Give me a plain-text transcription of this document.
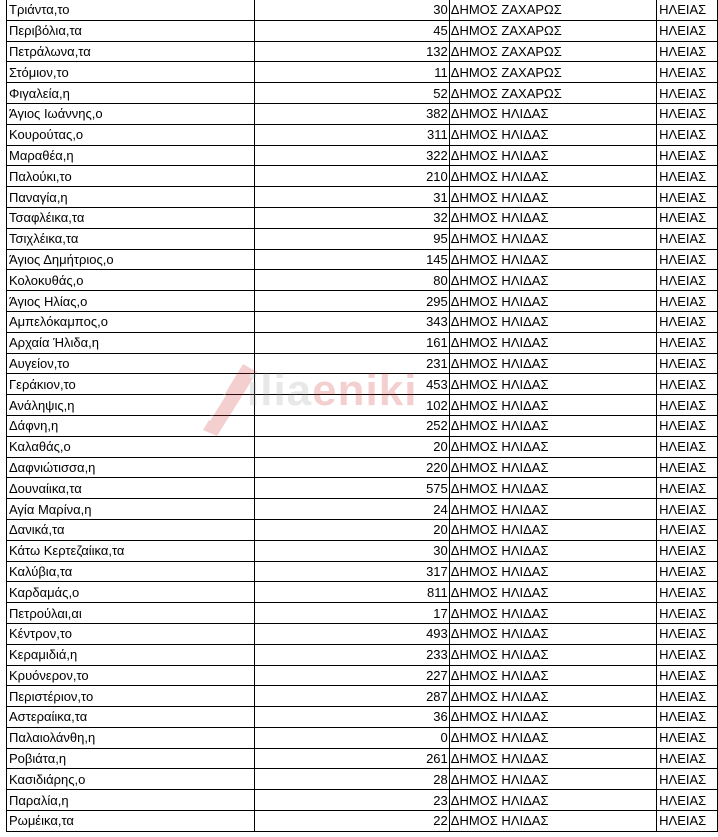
Τριάντα,το	30	ΔΗΜΟΣ ΖΑΧΑΡΩΣ	ΗΛΕΙΑΣ
Περιβόλια,τα	45	ΔΗΜΟΣ ΖΑΧΑΡΩΣ	ΗΛΕΙΑΣ
Πετράλωνα,τα	132	ΔΗΜΟΣ ΖΑΧΑΡΩΣ	ΗΛΕΙΑΣ
Στόμιον,το	11	ΔΗΜΟΣ ΖΑΧΑΡΩΣ	ΗΛΕΙΑΣ
Φιγαλεία,η	52	ΔΗΜΟΣ ΖΑΧΑΡΩΣ	ΗΛΕΙΑΣ
Άγιος Ιωάννης,ο	382	ΔΗΜΟΣ ΗΛΙΔΑΣ	ΗΛΕΙΑΣ
Κουρούτας,ο	311	ΔΗΜΟΣ ΗΛΙΔΑΣ	ΗΛΕΙΑΣ
Μαραθέα,η	322	ΔΗΜΟΣ ΗΛΙΔΑΣ	ΗΛΕΙΑΣ
Παλούκι,το	210	ΔΗΜΟΣ ΗΛΙΔΑΣ	ΗΛΕΙΑΣ
Παναγία,η	31	ΔΗΜΟΣ ΗΛΙΔΑΣ	ΗΛΕΙΑΣ
Τσαφλέικα,τα	32	ΔΗΜΟΣ ΗΛΙΔΑΣ	ΗΛΕΙΑΣ
Τσιχλέικα,τα	95	ΔΗΜΟΣ ΗΛΙΔΑΣ	ΗΛΕΙΑΣ
Άγιος Δημήτριος,ο	145	ΔΗΜΟΣ ΗΛΙΔΑΣ	ΗΛΕΙΑΣ
Κολοκυθάς,ο	80	ΔΗΜΟΣ ΗΛΙΔΑΣ	ΗΛΕΙΑΣ
Άγιος Ηλίας,ο	295	ΔΗΜΟΣ ΗΛΙΔΑΣ	ΗΛΕΙΑΣ
Αμπελόκαμπος,ο	343	ΔΗΜΟΣ ΗΛΙΔΑΣ	ΗΛΕΙΑΣ
Αρχαία Ήλιδα,η	161	ΔΗΜΟΣ ΗΛΙΔΑΣ	ΗΛΕΙΑΣ
Αυγείον,το	231	ΔΗΜΟΣ ΗΛΙΔΑΣ	ΗΛΕΙΑΣ
Γεράκιον,το	453	ΔΗΜΟΣ ΗΛΙΔΑΣ	ΗΛΕΙΑΣ
Ανάληψις,η	102	ΔΗΜΟΣ ΗΛΙΔΑΣ	ΗΛΕΙΑΣ
Δάφνη,η	252	ΔΗΜΟΣ ΗΛΙΔΑΣ	ΗΛΕΙΑΣ
Καλαθάς,ο	20	ΔΗΜΟΣ ΗΛΙΔΑΣ	ΗΛΕΙΑΣ
Δαφνιώτισσα,η	220	ΔΗΜΟΣ ΗΛΙΔΑΣ	ΗΛΕΙΑΣ
Δουναίικα,τα	575	ΔΗΜΟΣ ΗΛΙΔΑΣ	ΗΛΕΙΑΣ
Αγία Μαρίνα,η	24	ΔΗΜΟΣ ΗΛΙΔΑΣ	ΗΛΕΙΑΣ
Δανικά,τα	20	ΔΗΜΟΣ ΗΛΙΔΑΣ	ΗΛΕΙΑΣ
Κάτω Κερτεζαίικα,τα	30	ΔΗΜΟΣ ΗΛΙΔΑΣ	ΗΛΕΙΑΣ
Καλύβια,τα	317	ΔΗΜΟΣ ΗΛΙΔΑΣ	ΗΛΕΙΑΣ
Καρδαμάς,ο	811	ΔΗΜΟΣ ΗΛΙΔΑΣ	ΗΛΕΙΑΣ
Πετρούλαι,αι	17	ΔΗΜΟΣ ΗΛΙΔΑΣ	ΗΛΕΙΑΣ
Κέντρον,το	493	ΔΗΜΟΣ ΗΛΙΔΑΣ	ΗΛΕΙΑΣ
Κεραμιδιά,η	233	ΔΗΜΟΣ ΗΛΙΔΑΣ	ΗΛΕΙΑΣ
Κρυόνερον,το	227	ΔΗΜΟΣ ΗΛΙΔΑΣ	ΗΛΕΙΑΣ
Περιστέριον,το	287	ΔΗΜΟΣ ΗΛΙΔΑΣ	ΗΛΕΙΑΣ
Αστεραίικα,τα	36	ΔΗΜΟΣ ΗΛΙΔΑΣ	ΗΛΕΙΑΣ
Παλαιολάνθη,η	0	ΔΗΜΟΣ ΗΛΙΔΑΣ	ΗΛΕΙΑΣ
Ροβιάτα,η	261	ΔΗΜΟΣ ΗΛΙΔΑΣ	ΗΛΕΙΑΣ
Κασιδιάρης,ο	28	ΔΗΜΟΣ ΗΛΙΔΑΣ	ΗΛΕΙΑΣ
Παραλία,η	23	ΔΗΜΟΣ ΗΛΙΔΑΣ	ΗΛΕΙΑΣ
Ρωμέικα,τα	22	ΔΗΜΟΣ ΗΛΙΔΑΣ	ΗΛΕΙΑΣ
iliaeniki
